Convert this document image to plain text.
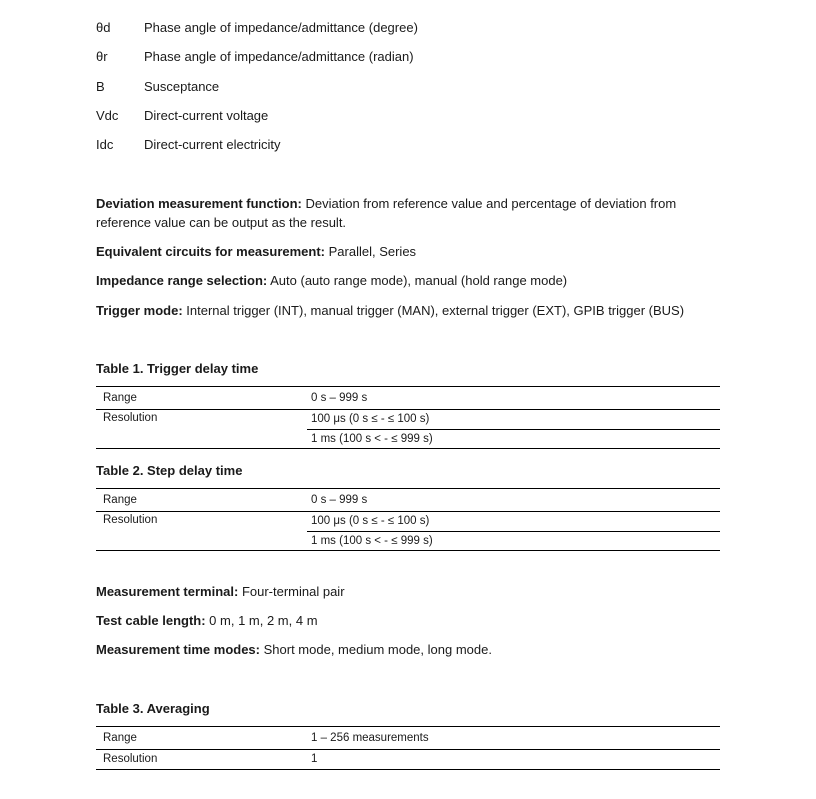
θd	Phase angle of impedance/admittance (degree)
θr	Phase angle of impedance/admittance (radian)
B	Susceptance
Vdc	Direct-current voltage
Idc	Direct-current electricity
Deviation measurement function: Deviation from reference value and percentage of deviation from reference value can be output as the result.
Equivalent circuits for measurement: Parallel, Series
Impedance range selection: Auto (auto range mode), manual (hold range mode)
Trigger mode: Internal trigger (INT), manual trigger (MAN), external trigger (EXT), GPIB trigger (BUS)
Table 1. Trigger delay time
Range	0 s – 999 s
Resolution	100 μs (0 s ≤ - ≤ 100 s)
1 ms (100 s < - ≤ 999 s)
Table 2. Step delay time
Range	0 s – 999 s
Resolution	100 μs (0 s ≤ - ≤ 100 s)
1 ms (100 s < - ≤ 999 s)
Measurement terminal: Four-terminal pair
Test cable length: 0 m, 1 m, 2 m, 4 m
Measurement time modes: Short mode, medium mode, long mode.
Table 3. Averaging
Range	1 – 256 measurements
Resolution	1
